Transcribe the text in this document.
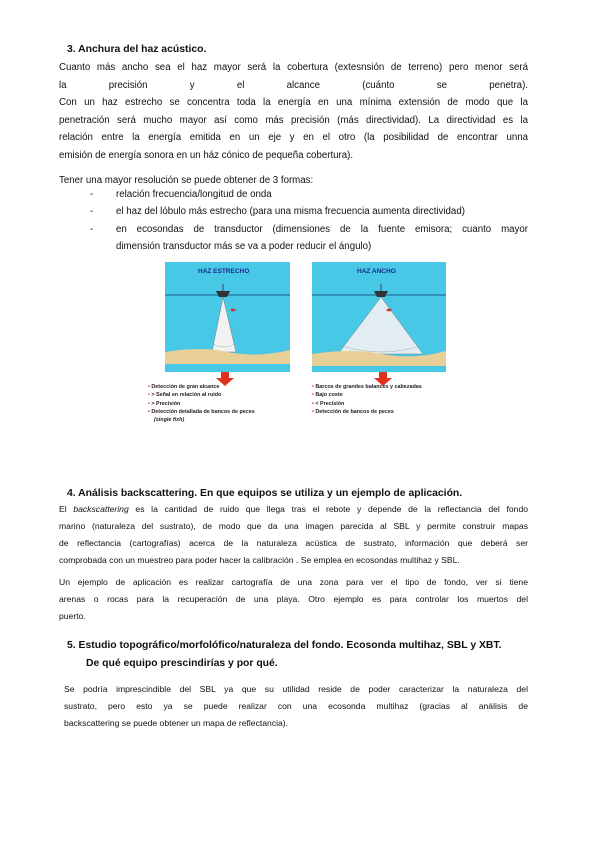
3. Anchura del haz acústico.
Cuanto más ancho sea el haz mayor será la cobertura (extesnsión de terreno) pero menor será
la precisión y el alcance (cuánto se penetra).
Con un haz estrecho se concentra toda la energía en una mínima extensión de modo que la
penetración será mucho mayor así como más precisión (más directividad). La directividad es la
relación entre la energía emitida en un eje y en el otro (la posibilidad de encontrar unna
emisión de energía sonora en un ház cónico de pequeña cobertura).
Tener una mayor resolución se puede obtener de 3 formas:
-	relación frecuencia/longitud de onda
-	el haz del lóbulo más estrecho (para una misma frecuencia aumenta directividad)
-	en ecosondas de transductor (dimensiones de la fuente emisora; cuanto mayor
dimensión transductor más se va a poder reducir el ángulo)
HAZ ESTRECHO	HAZ ANCHO
• Detección de gran alcance
• > Señal en relación al ruido
• > Precisión
• Detección detallada de bancos de peces
(single fish)
• Barcos de grandes balances y cabezadas
• Bajo coste
• < Precisión
• Detección de bancos de peces
4. Análisis backscattering. En que equipos se utiliza y un ejemplo de aplicación.
El backscattering es la cantidad de ruido que llega tras el rebote y depende de la reflectancia del fondo
marino (naturaleza del sustrato), de modo que da una imagen parecida al SBL y permite construir mapas
de reflectancia (cartografías) acerca de la naturaleza acústica de sustrato, información que deberá ser
comprobada con un muestreo para poder hacer la calibración . Se emplea en ecosondas multihaz y SBL.
Un ejemplo de aplicación es realizar cartografía de una zona para ver el tipo de fondo, ver si tiene
arenas o rocas para la recuperación de una playa. Otro ejemplo es para controlar los muertos del
puerto.
5. Estudio topográfico/morfolófico/naturaleza del fondo. Ecosonda multihaz, SBL y XBT.
De qué equipo prescindirías y por qué.
Se podría imprescindible del SBL ya que su utilidad reside de poder caracterizar la naturaleza del
sustrato, pero esto ya se puede realizar con una ecosonda multihaz (gracias al análisis de
backscattering se puede obtener un mapa de reflectancia).
